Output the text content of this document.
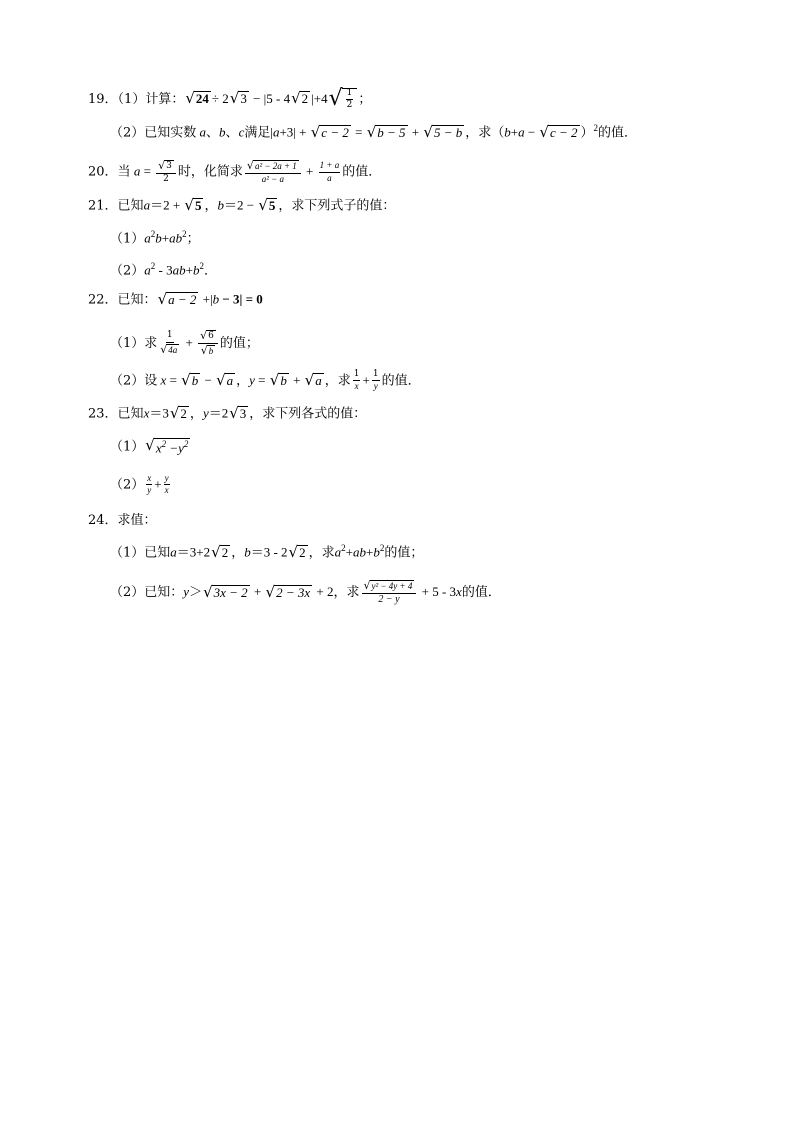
19．（1）计算： √ 24 ÷ 2 √ 3 − |5 - 4 √ 2 |+4 √ $\frac{1}{2}$ ；
（2）已知实数 a、b、c满足|a+3| + √ c − 2 = √ b − 5 + √ 5 − b ，求（b+a − √ c − 2 ）$^2$的值．
20．当 $a = \frac{√ 3}{2}$ 时，化简求 $\frac{\text{√ a² − 2a + 1}}{\text{a² − a}} + \frac{1 + a}{a}$ 的值．
21．已知a＝2 + √ 5 ，b＝2 − √ 5 ，求下列式子的值：
$(1)a^2b+ab^2$；
$(2)a^2 - 3ab+b^2$．
22．已知： √ a − 2 +|b − 3| = 0
（1）求 $\frac{1}{√ 4a} + \frac{√ 6}{√ b}$ 的值；
（2）设 x = √ b − √ a ，y = √ b + √ a ，求 $\frac{1}{x} + \frac{1}{y}$ 的值．
23．已知x＝3 √ 2 ，y＝2 √ 3 ，求下列各式的值：
（1） √ $x^2 -y^2$
$(2) \frac{x}{y} + \frac{y}{x}$
24．求值：
（1）已知a＝3+2 √ 2 ，b＝3 - 2 √ 2 ，求$a^2+ab+b^2$的值；
（2）已知：y＞ √ 3x − 2 + √ 2 − 3x + 2，求 $\frac{\text{√ y² − 4y + 4}}{2 - y} + 5 - 3x$的值．
